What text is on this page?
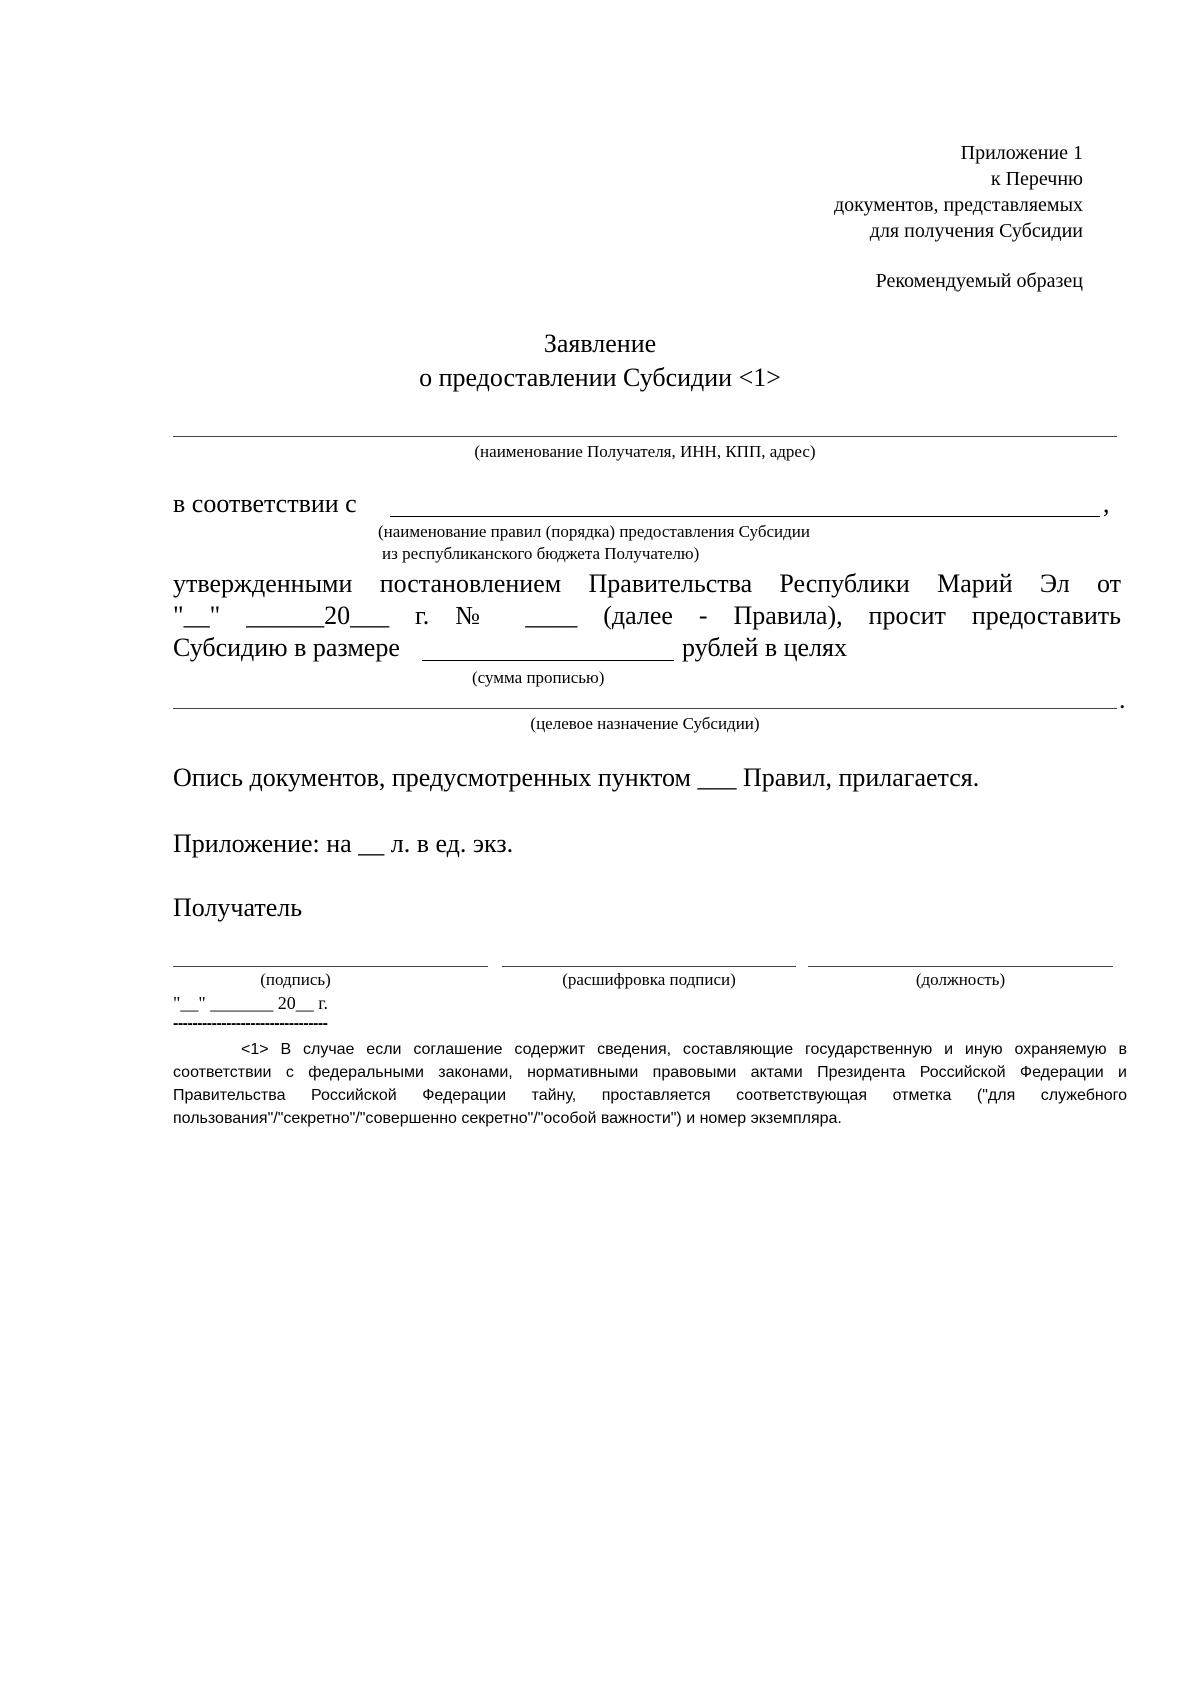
Приложение 1
к Перечню
документов, представляемых
для получения Субсидии
Рекомендуемый образец
Заявление
о предоставлении Субсидии <1>
(наименование Получателя, ИНН, КПП, адрес)
в соответствии с	,
(наименование правил (порядка) предоставления Субсидии
из республиканского бюджета Получателю)
утвержденными постановлением Правительства Республики Марий Эл от
"__" ______20___ г. № ____ (далее - Правила), просит предоставить
Субсидию в размере	рублей в целях
(сумма прописью)
.
(целевое назначение Субсидии)
Опись документов, предусмотренных пунктом ___ Правил, прилагается.
Приложение: на __ л. в ед. экз.
Получатель
(подпись)	(расшифровка подписи)	(должность)
"__" _______ 20__ г.
--------------------------------
<1> В случае если соглашение содержит сведения, составляющие государственную и иную охраняемую в соответствии с федеральными законами, нормативными правовыми актами Президента Российской Федерации и Правительства Российской Федерации тайну, проставляется соответствующая отметка ("для служебного пользования"/"секретно"/"совершенно секретно"/"особой важности") и номер экземпляра.
